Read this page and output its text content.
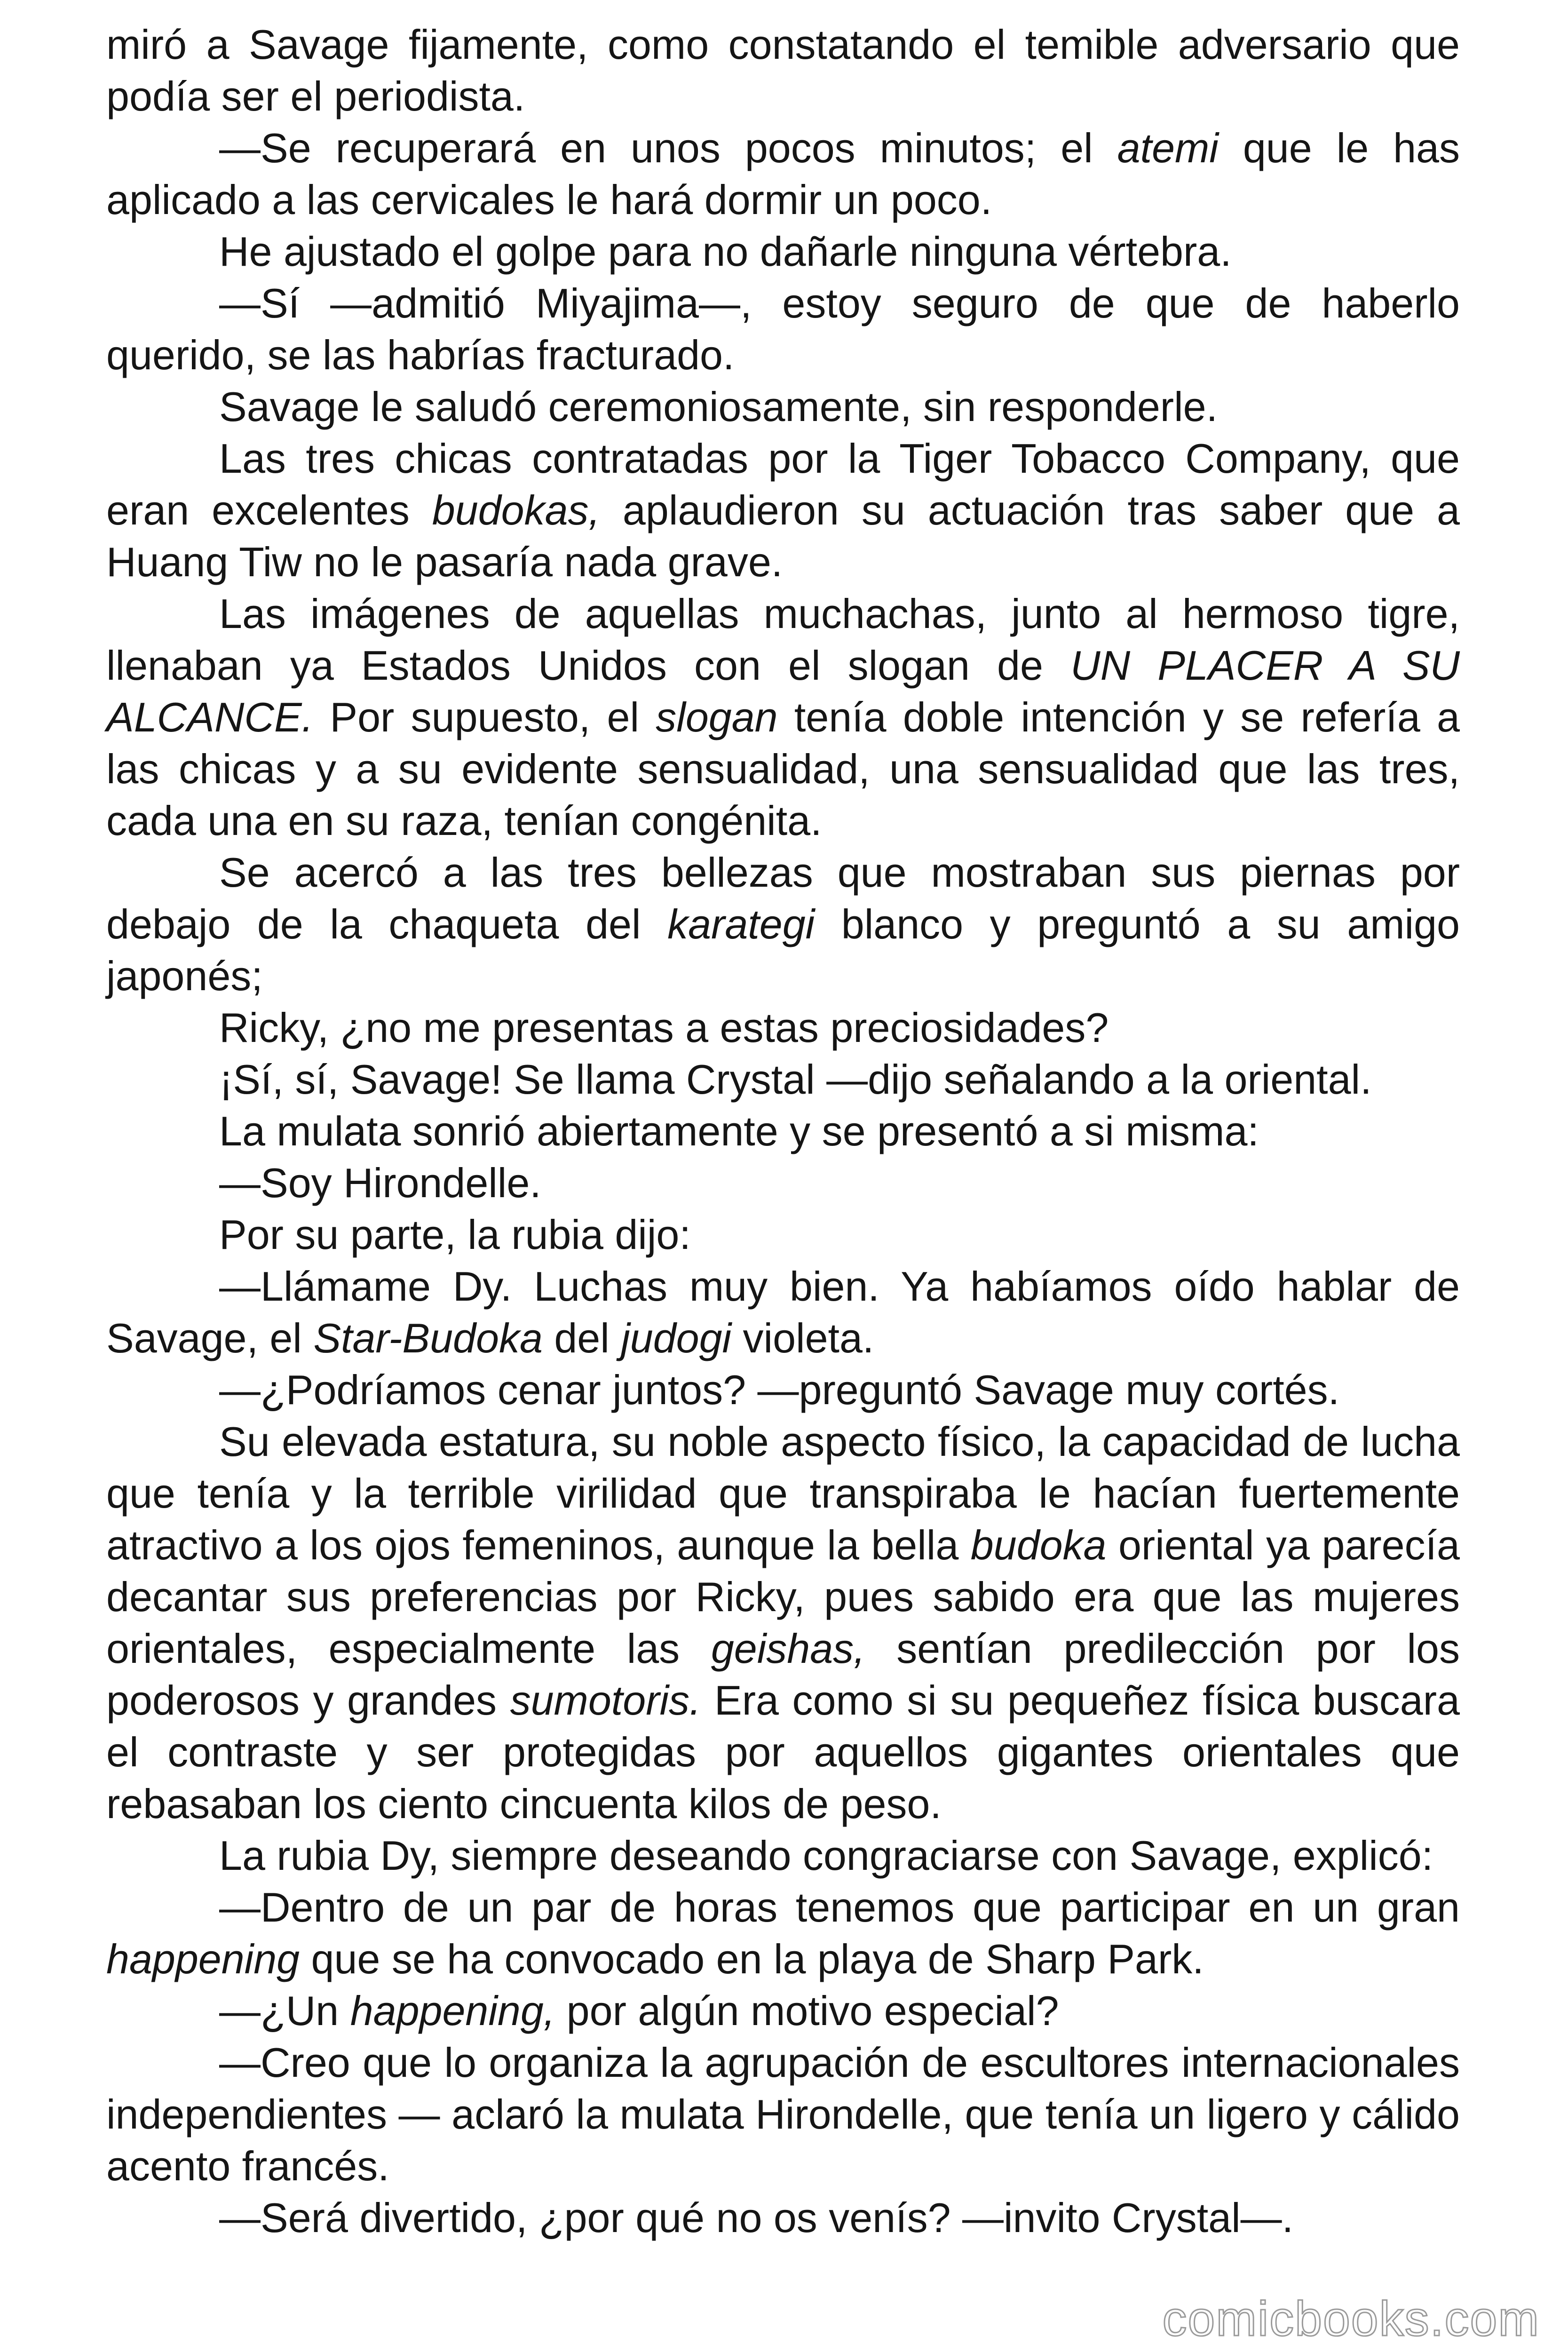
miró a Savage fijamente, como constatando el temible adversario que podía ser el periodista.

—Se recuperará en unos pocos minutos; el atemi que le has aplicado a las cervicales le hará dormir un poco.

He ajustado el golpe para no dañarle ninguna vértebra.

—Sí —admitió Miyajima—, estoy seguro de que de haberlo querido, se las habrías fracturado.

Savage le saludó ceremoniosamente, sin responderle.

Las tres chicas contratadas por la Tiger Tobacco Company, que eran excelentes budokas, aplaudieron su actuación tras saber que a Huang Tiw no le pasaría nada grave.

Las imágenes de aquellas muchachas, junto al hermoso tigre, llenaban ya Estados Unidos con el slogan de UN PLACER A SU ALCANCE. Por supuesto, el slogan tenía doble intención y se refería a las chicas y a su evidente sensualidad, una sensualidad que las tres, cada una en su raza, tenían congénita.

Se acercó a las tres bellezas que mostraban sus piernas por debajo de la chaqueta del karategi blanco y preguntó a su amigo japonés;

Ricky, ¿no me presentas a estas preciosidades?

¡Sí, sí, Savage! Se llama Crystal —dijo señalando a la oriental.

La mulata sonrió abiertamente y se presentó a si misma:

—Soy Hirondelle.

Por su parte, la rubia dijo:

—Llámame Dy. Luchas muy bien. Ya habíamos oído hablar de Savage, el Star-Budoka del judogi violeta.

—¿Podríamos cenar juntos? —preguntó Savage muy cortés.

Su elevada estatura, su noble aspecto físico, la capacidad de lucha que tenía y la terrible virilidad que transpiraba le hacían fuertemente atractivo a los ojos femeninos, aunque la bella budoka oriental ya parecía decantar sus preferencias por Ricky, pues sabido era que las mujeres orientales, especialmente las geishas, sentían predilección por los poderosos y grandes sumotoris. Era como si su pequeñez física buscara el contraste y ser protegidas por aquellos gigantes orientales que rebasaban los ciento cincuenta kilos de peso.

La rubia Dy, siempre deseando congraciarse con Savage, explicó:

—Dentro de un par de horas tenemos que participar en un gran happening que se ha convocado en la playa de Sharp Park.

—¿Un happening, por algún motivo especial?

—Creo que lo organiza la agrupación de escultores internacionales independientes — aclaró la mulata Hirondelle, que tenía un ligero y cálido acento francés.

—Será divertido, ¿por qué no os venís? —invito Crystal—.

comicbooks.com
